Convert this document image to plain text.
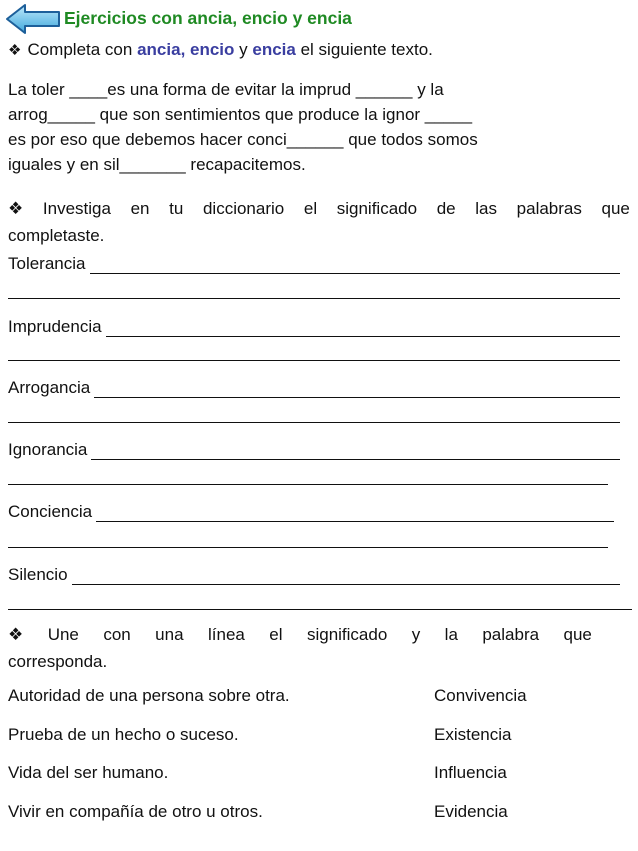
Ejercicios con ancia, encio y encia
❖ Completa con ancia, encio y encia el siguiente texto.
La toler ____es una forma de evitar la imprud ______ y la
arrog_____ que son sentimientos que produce la ignor _____
es por eso que debemos hacer conci______ que todos somos
iguales y en sil_______ recapacitemos.
❖ Investiga en tu diccionario el significado de las palabras que
completaste.
Tolerancia
Imprudencia
Arrogancia
Ignorancia
Conciencia
Silencio
❖ Une con una línea el significado y la palabra que
corresponda.
Autoridad de una persona sobre otra.	Convivencia
Prueba de un hecho o suceso.	Existencia
Vida del ser humano.	Influencia
Vivir en compañía de otro u otros.	Evidencia
